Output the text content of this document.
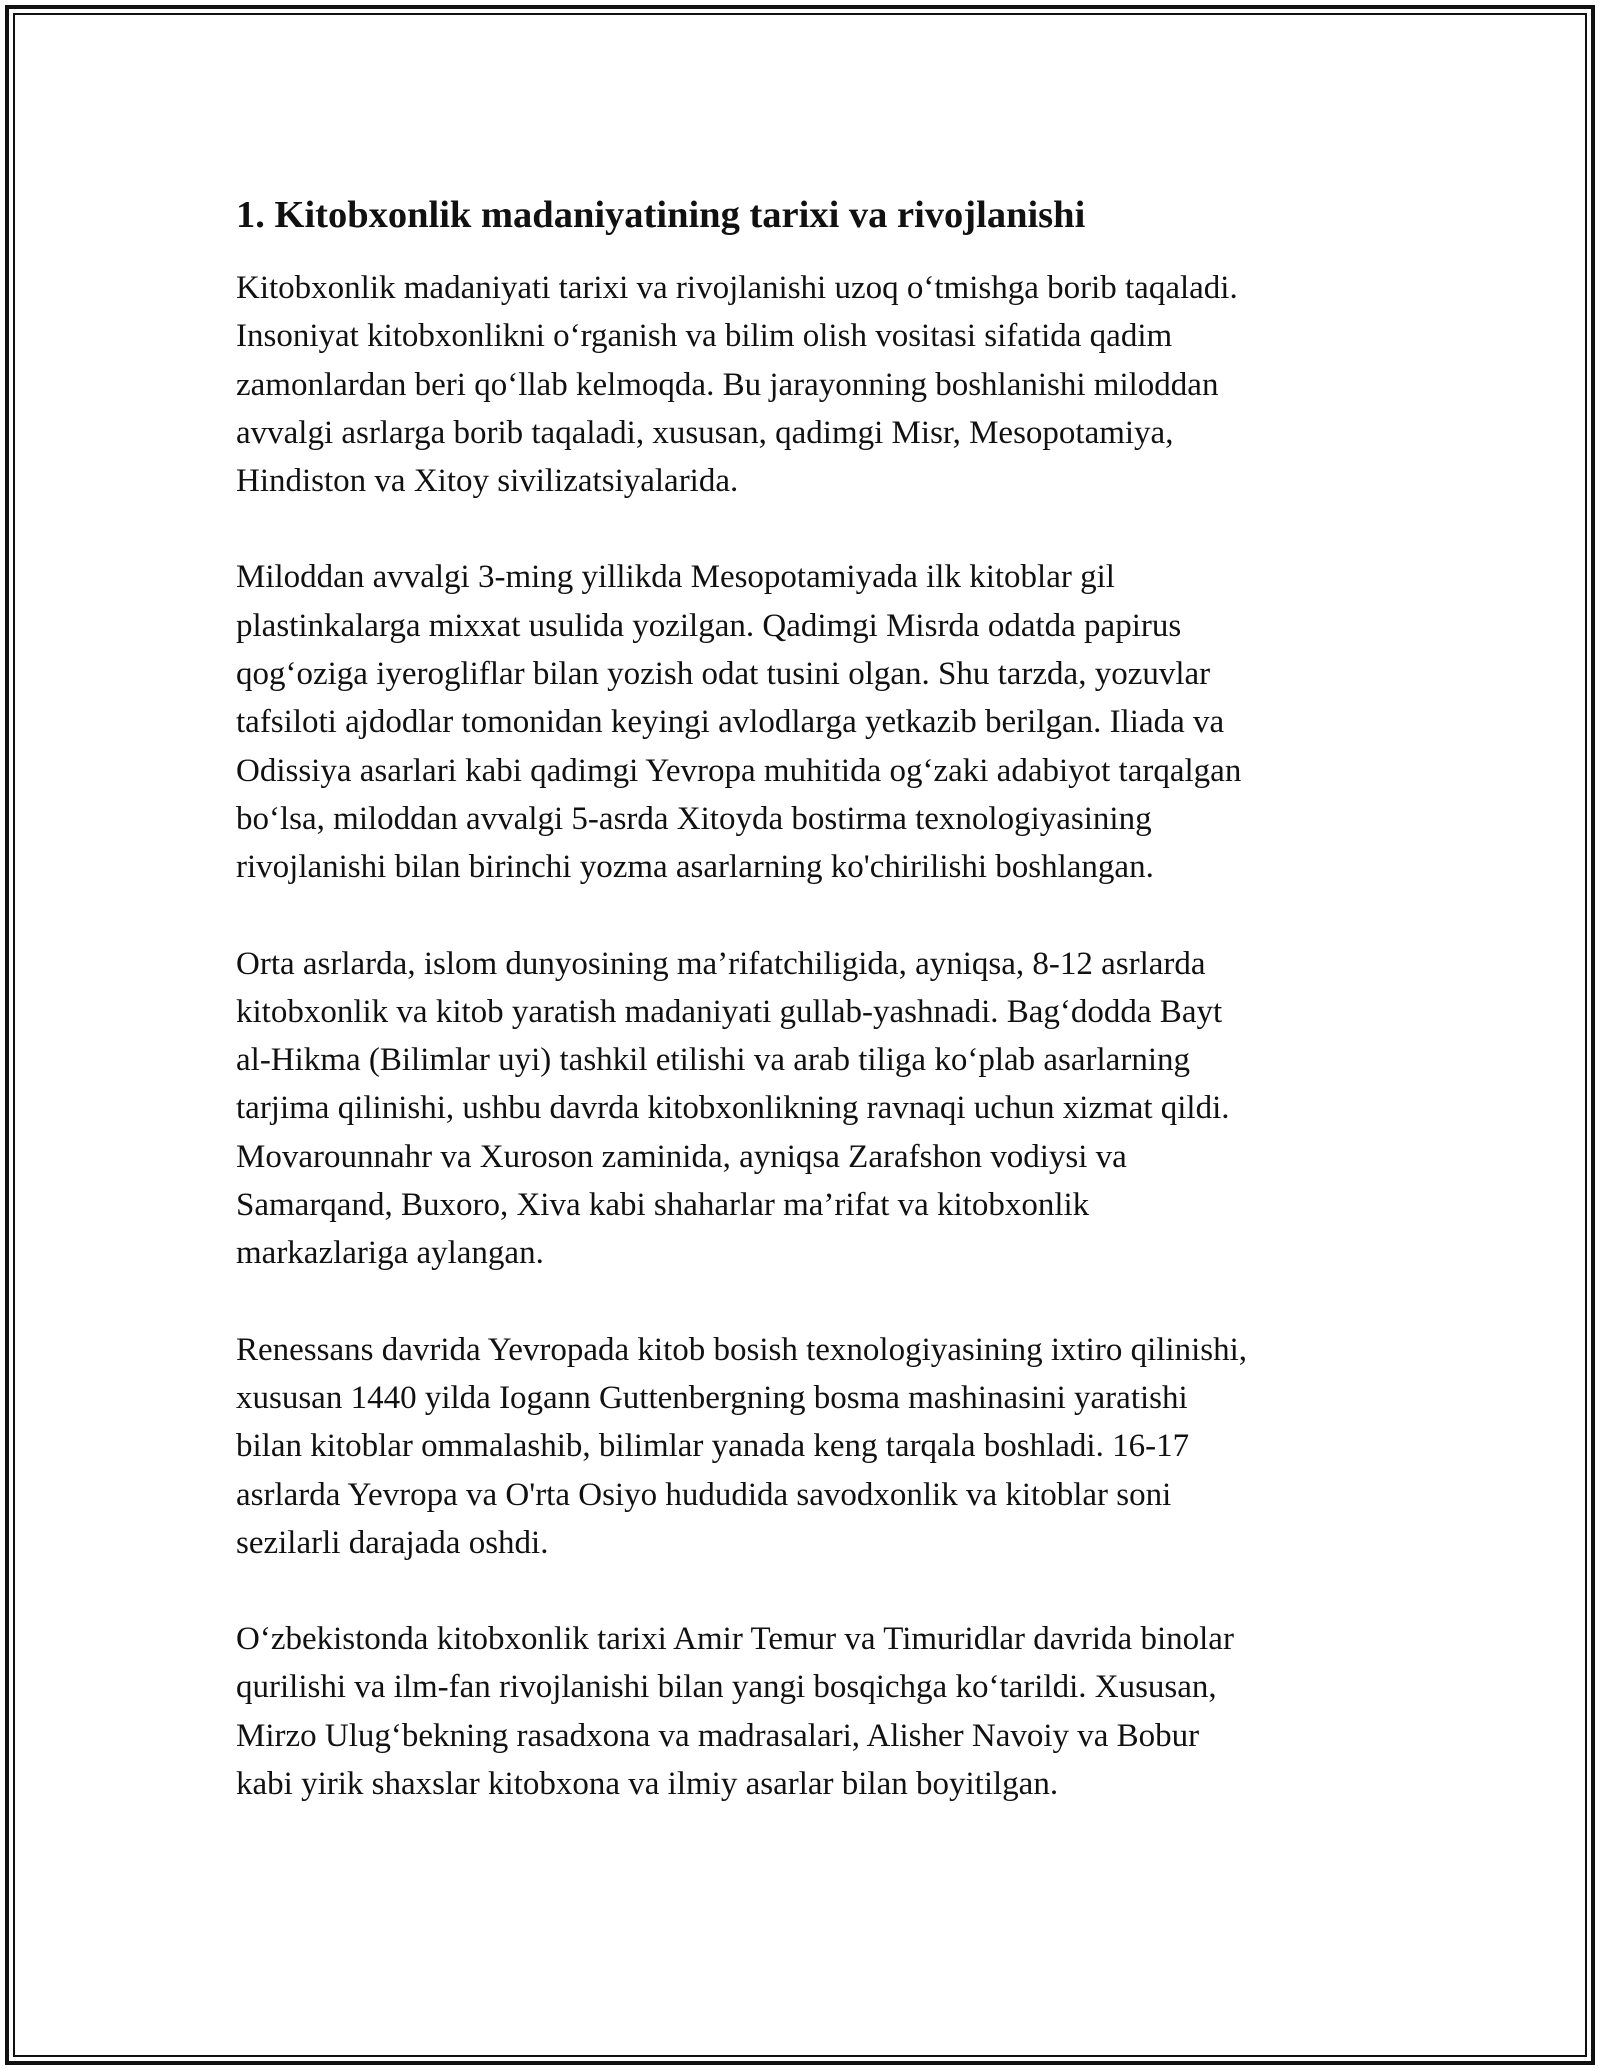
1. Kitobxonlik madaniyatining tarixi va rivojlanishi

Kitobxonlik madaniyati tarixi va rivojlanishi uzoq o‘tmishga borib taqaladi.
Insoniyat kitobxonlikni o‘rganish va bilim olish vositasi sifatida qadim
zamonlardan beri qo‘llab kelmoqda. Bu jarayonning boshlanishi miloddan
avvalgi asrlarga borib taqaladi, xususan, qadimgi Misr, Mesopotamiya,
Hindiston va Xitoy sivilizatsiyalarida.

Miloddan avvalgi 3-ming yillikda Mesopotamiyada ilk kitoblar gil
plastinkalarga mixxat usulida yozilgan. Qadimgi Misrda odatda papirus
qog‘oziga iyerogliflar bilan yozish odat tusini olgan. Shu tarzda, yozuvlar
tafsiloti ajdodlar tomonidan keyingi avlodlarga yetkazib berilgan. Iliada va
Odissiya asarlari kabi qadimgi Yevropa muhitida og‘zaki adabiyot tarqalgan
bo‘lsa, miloddan avvalgi 5-asrda Xitoyda bostirma texnologiyasining
rivojlanishi bilan birinchi yozma asarlarning ko'chirilishi boshlangan.

Orta asrlarda, islom dunyosining ma’rifatchiligida, ayniqsa, 8-12 asrlarda
kitobxonlik va kitob yaratish madaniyati gullab-yashnadi. Bag‘dodda Bayt
al-Hikma (Bilimlar uyi) tashkil etilishi va arab tiliga ko‘plab asarlarning
tarjima qilinishi, ushbu davrda kitobxonlikning ravnaqi uchun xizmat qildi.
Movarounnahr va Xuroson zaminida, ayniqsa Zarafshon vodiysi va
Samarqand, Buxoro, Xiva kabi shaharlar ma’rifat va kitobxonlik
markazlariga aylangan.

Renessans davrida Yevropada kitob bosish texnologiyasining ixtiro qilinishi,
xususan 1440 yilda Iogann Guttenbergning bosma mashinasini yaratishi
bilan kitoblar ommalashib, bilimlar yanada keng tarqala boshladi. 16-17
asrlarda Yevropa va O'rta Osiyo hududida savodxonlik va kitoblar soni
sezilarli darajada oshdi.

O‘zbekistonda kitobxonlik tarixi Amir Temur va Timuridlar davrida binolar
qurilishi va ilm-fan rivojlanishi bilan yangi bosqichga ko‘tarildi. Xususan,
Mirzo Ulug‘bekning rasadxona va madrasalari, Alisher Navoiy va Bobur
kabi yirik shaxslar kitobxona va ilmiy asarlar bilan boyitilgan.
